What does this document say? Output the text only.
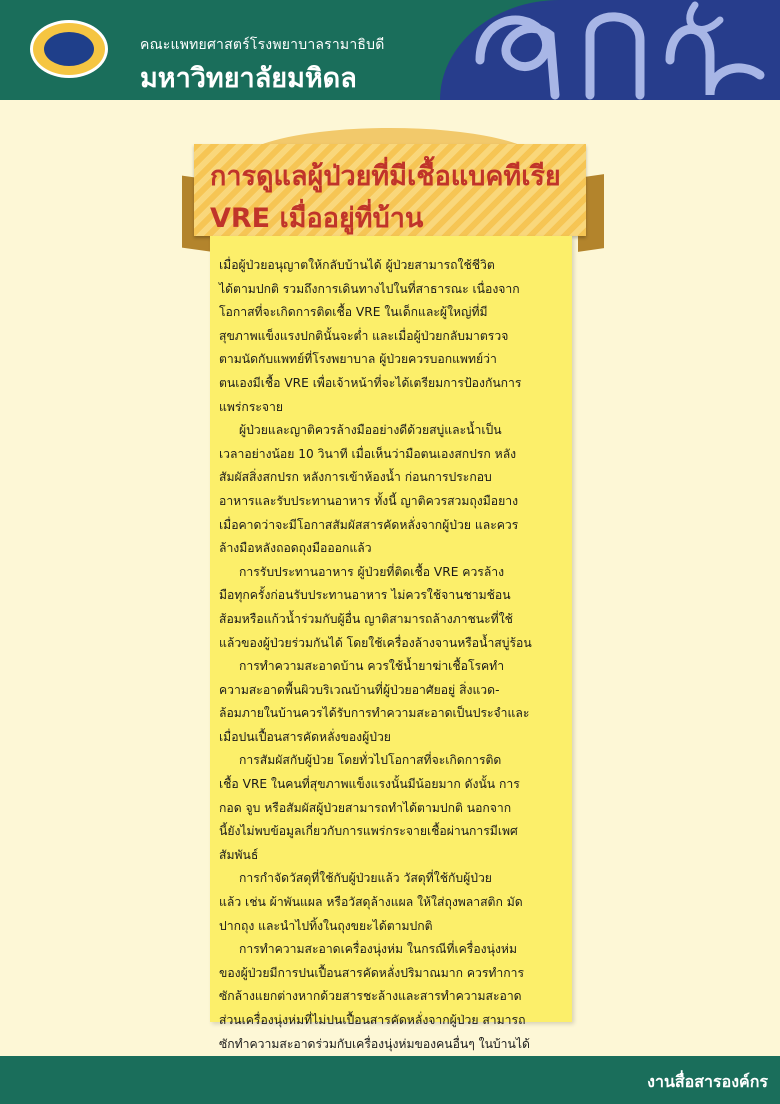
คณะแพทยศาสตร์โรงพยาบาลรามาธิบดี
มหาวิทยาลัยมหิดล
การดูแลผู้ป่วยที่มีเชื้อแบคทีเรีย
VRE เมื่ออยู่ที่บ้าน
เมื่อผู้ป่วยอนุญาตให้กลับบ้านได้ ผู้ป่วยสามารถใช้ชีวิต
ได้ตามปกติ รวมถึงการเดินทางไปในที่สาธารณะ เนื่องจาก
โอกาสที่จะเกิดการติดเชื้อ VRE ในเด็กและผู้ใหญ่ที่มี
สุขภาพแข็งแรงปกตินั้นจะต่ำ และเมื่อผู้ป่วยกลับมาตรวจ
ตามนัดกับแพทย์ที่โรงพยาบาล ผู้ป่วยควรบอกแพทย์ว่า
ตนเองมีเชื้อ VRE เพื่อเจ้าหน้าที่จะได้เตรียมการป้องกันการ
แพร่กระจาย
ผู้ป่วยและญาติควรล้างมืออย่างดีด้วยสบู่และน้ำเป็น
เวลาอย่างน้อย 10 วินาที เมื่อเห็นว่ามือตนเองสกปรก หลัง
สัมผัสสิ่งสกปรก หลังการเข้าห้องน้ำ ก่อนการประกอบ
อาหารและรับประทานอาหาร ทั้งนี้ ญาติควรสวมถุงมือยาง
เมื่อคาดว่าจะมีโอกาสสัมผัสสารคัดหลั่งจากผู้ป่วย และควร
ล้างมือหลังถอดถุงมือออกแล้ว
การรับประทานอาหาร ผู้ป่วยที่ติดเชื้อ VRE ควรล้าง
มือทุกครั้งก่อนรับประทานอาหาร ไม่ควรใช้จานชามช้อน
ส้อมหรือแก้วน้ำร่วมกับผู้อื่น ญาติสามารถล้างภาชนะที่ใช้
แล้วของผู้ป่วยร่วมกันได้ โดยใช้เครื่องล้างจานหรือน้ำสบู่ร้อน
การทำความสะอาดบ้าน ควรใช้น้ำยาฆ่าเชื้อโรคทำ
ความสะอาดพื้นผิวบริเวณบ้านที่ผู้ป่วยอาศัยอยู่ สิ่งแวด-
ล้อมภายในบ้านควรได้รับการทำความสะอาดเป็นประจำและ
เมื่อปนเปื้อนสารคัดหลั่งของผู้ป่วย
การสัมผัสกับผู้ป่วย โดยทั่วไปโอกาสที่จะเกิดการติด
เชื้อ VRE ในคนที่สุขภาพแข็งแรงนั้นมีน้อยมาก ดังนั้น การ
กอด จูบ หรือสัมผัสผู้ป่วยสามารถทำได้ตามปกติ นอกจาก
นี้ยังไม่พบข้อมูลเกี่ยวกับการแพร่กระจายเชื้อผ่านการมีเพศ
สัมพันธ์
การกำจัดวัสดุที่ใช้กับผู้ป่วยแล้ว วัสดุที่ใช้กับผู้ป่วย
แล้ว เช่น ผ้าพันแผล หรือวัสดุล้างแผล ให้ใส่ถุงพลาสติก มัด
ปากถุง และนำไปทิ้งในถุงขยะได้ตามปกติ
การทำความสะอาดเครื่องนุ่งห่ม ในกรณีที่เครื่องนุ่งห่ม
ของผู้ป่วยมีการปนเปื้อนสารคัดหลั่งปริมาณมาก ควรทำการ
ซักล้างแยกต่างหากด้วยสารชะล้างและสารทำความสะอาด
ส่วนเครื่องนุ่งห่มที่ไม่ปนเปื้อนสารคัดหลั่งจากผู้ป่วย สามารถ
ซักทำความสะอาดร่วมกับเครื่องนุ่งห่มของคนอื่นๆ ในบ้านได้
งานสื่อสารองค์กร
